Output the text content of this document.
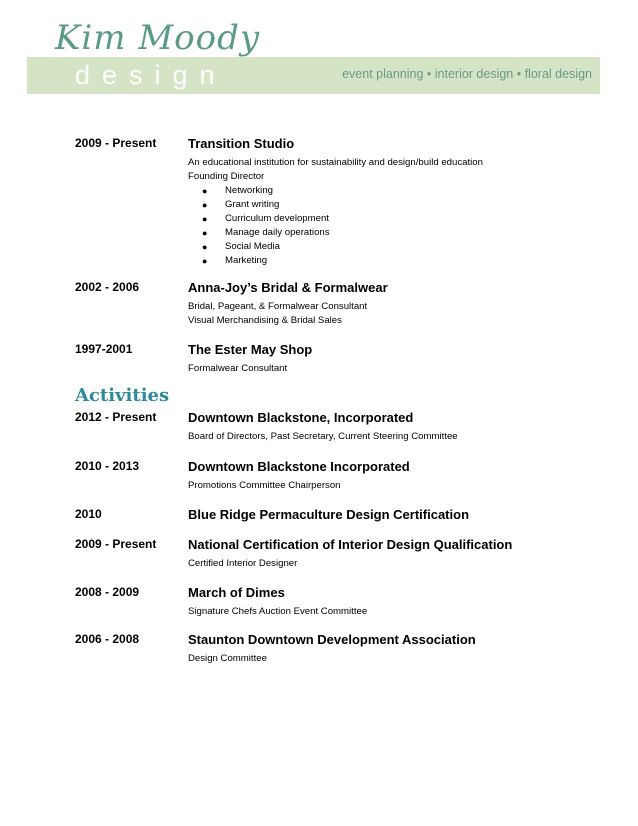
Kim Moody
design	event planning • interior design • floral design
2009 - Present Transition Studio
An educational institution for sustainability and design/build education
Founding Director
● Networking
● Grant writing
● Curriculum development
● Manage daily operations
● Social Media
● Marketing
2002 - 2006	Anna-Joy’s Bridal & Formalwear
Bridal, Pageant, & Formalwear Consultant
Visual Merchandising & Bridal Sales
1997-2001	The Ester May Shop
Formalwear Consultant
Activities
2012 - Present Downtown Blackstone, Incorporated
Board of Directors, Past Secretary, Current Steering Committee
2010 - 2013	Downtown Blackstone Incorporated
Promotions Committee Chairperson
2010	Blue Ridge Permaculture Design Certification
2009 - Present National Certification of Interior Design Qualification
Certified Interior Designer
2008 - 2009	March of Dimes
Signature Chefs Auction Event Committee
2006 - 2008	Staunton Downtown Development Association
Design Committee
